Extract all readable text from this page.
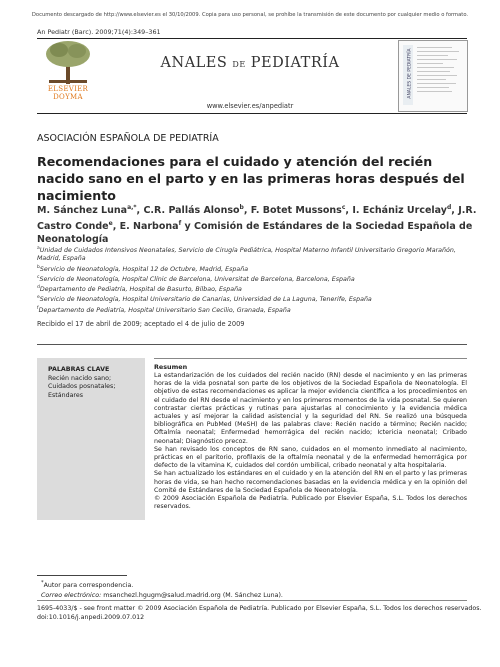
Documento descargado de http://www.elsevier.es el 30/10/2009. Copia para uso personal, se prohíbe la transmisión de este documento por cualquier medio o formato.
An Pediatr (Barc). 2009;71(4):349–361
ELSEVIER
DOYMA
ANALES DE PEDIATRÍA
www.elsevier.es/anpediatr
ANALES DE PEDIATRÍA
ASOCIACIÓN ESPAÑOLA DE PEDIATRÍA
Recomendaciones para el cuidado y atención del recién nacido sano en el parto y en las primeras horas después del nacimiento
M. Sánchez Luna$^{a,*}$, C.R. Pallás Alonso$^b$, F. Botet Mussons$^c$, I. Echániz Urcelay$^d$, J.R. Castro Conde$^e$, E. Narbona$^f$ y Comisión de Estándares de la Sociedad Española de Neonatología
$^a$Unidad de Cuidados Intensivos Neonatales, Servicio de Cirugía Pediátrica, Hospital Materno Infantil Universitario Gregorio Marañón, Madrid, España
$^b$Servicio de Neonatología, Hospital 12 de Octubre, Madrid, España
$^c$Servicio de Neonatología, Hospital Clínic de Barcelona, Universitat de Barcelona, Barcelona, España
$^d$Departamento de Pediatría, Hospital de Basurto, Bilbao, España
$^e$Servicio de Neonatología, Hospital Universitario de Canarias, Universidad de La Laguna, Tenerife, España
$^f$Departamento de Pediatría, Hospital Universitario San Cecilio, Granada, España
Recibido el 17 de abril de 2009; aceptado el 4 de julio de 2009
PALABRAS CLAVE
Recién nacido sano;
Cuidados posnatales;
Estándares
Resumen

La estandarización de los cuidados del recién nacido (RN) desde el nacimiento y en las primeras horas de la vida posnatal son parte de los objetivos de la Sociedad Española de Neonatología. El objetivo de estas recomendaciones es aplicar la mejor evidencia científica a los procedimientos en el cuidado del RN desde el nacimiento y en los primeros momentos de la vida posnatal. Se quieren contrastar ciertas prácticas y rutinas para ajustarlas al conocimiento y la evidencia médica actuales y así mejorar la calidad asistencial y la seguridad del RN. Se realizó una búsqueda bibliográfica en PubMed (MeSH) de las palabras clave: Recién nacido a término; Recién nacido; Oftalmía neonatal; Enfermedad hemorrágica del recién nacido; Ictericia neonatal; Cribado neonatal; Diagnóstico precoz.

Se han revisado los conceptos de RN sano, cuidados en el momento inmediato al nacimiento, prácticas en el paritorio, profilaxis de la oftalmía neonatal y de la enfermedad hemorrágica por defecto de la vitamina K, cuidados del cordón umbilical, cribado neonatal y alta hospitalaria.

Se han actualizado los estándares en el cuidado y en la atención del RN en el parto y las primeras horas de vida, se han hecho recomendaciones basadas en la evidencia médica y en la opinión del Comité de Estándares de la Sociedad Española de Neonatología.

© 2009 Asociación Española de Pediatría. Publicado por Elsevier España, S.L. Todos los derechos reservados.

*Autor para correspondencia.
Correo electrónico: msanchezl.hgugm@salud.madrid.org (M. Sánchez Luna).
1695-4033/$ - see front matter © 2009 Asociación Española de Pediatría. Publicado por Elsevier España, S.L. Todos los derechos reservados.
doi:10.1016/j.anpedi.2009.07.012
